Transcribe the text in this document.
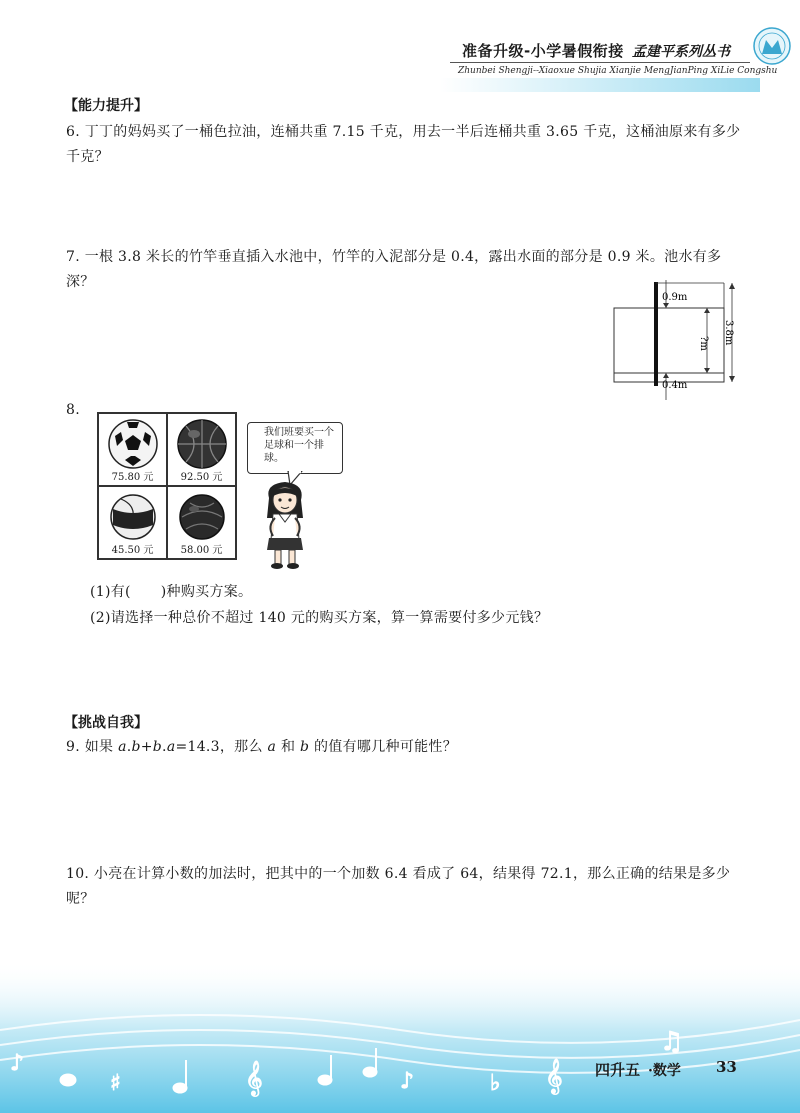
准备升级-小学暑假衔接 孟建平系列丛书
Zhunbei Shengji--Xiaoxue Shujia Xianjie MengJianPing XiLie Congshu
【能力提升】
6. 丁丁的妈妈买了一桶色拉油，连桶共重 7.15 千克，用去一半后连桶共重 3.65 千克，这桶油原来有多少千克？
7. 一根 3.8 米长的竹竿垂直插入水池中，竹竿的入泥部分是 0.4，露出水面的部分是 0.9 米。池水有多深？
0.9m
0.4m
?m 3.8m
8.
75.80 元	92.50 元
45.50 元	58.00 元
我们班要买一个足球和一个排球。
(1)有( )种购买方案。
(2)请选择一种总价不超过 140 元的购买方案，算一算需要付多少元钱？
【挑战自我】
9. 如果 a.b+b.a=14.3，那么 a 和 b 的值有哪几种可能性？
10. 小亮在计算小数的加法时，把其中的一个加数 6.4 看成了 64，结果得 72.1，那么正确的结果是多少呢？
♯	𝄞	♪	♭ 𝄞
♫
♪	四升五 ·数学 33
